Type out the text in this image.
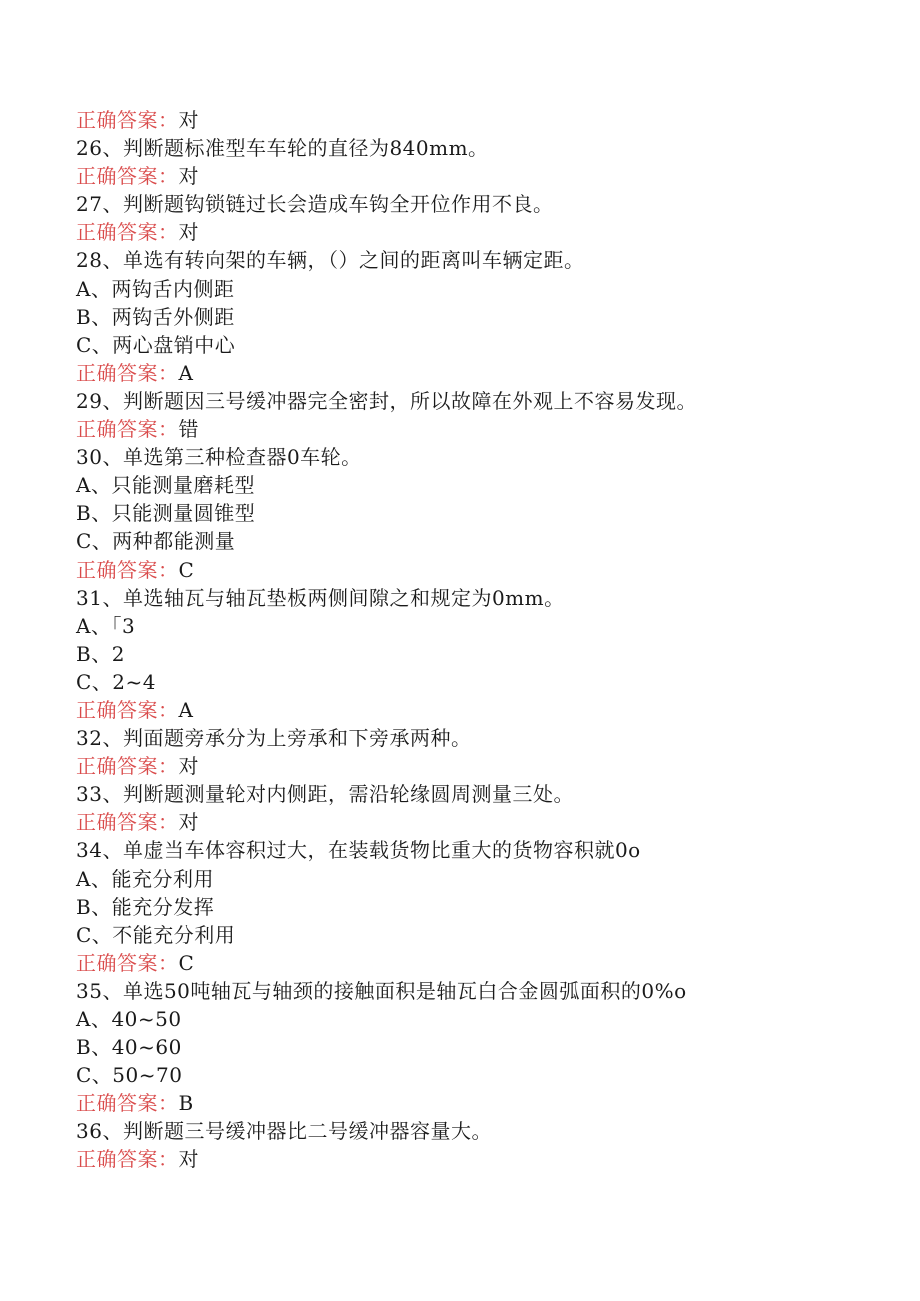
正确答案：对
26、判断题标准型车车轮的直径为840mm。
正确答案：对
27、判断题钩锁链过长会造成车钩全开位作用不良。
正确答案：对
28、单选有转向架的车辆，（）之间的距离叫车辆定距。
A、两钩舌内侧距
B、两钩舌外侧距
C、两心盘销中心
正确答案：A
29、判断题因三号缓冲器完全密封，所以故障在外观上不容易发现。
正确答案：错
30、单选第三种检查器0车轮。
A、只能测量磨耗型
B、只能测量圆锥型
C、两种都能测量
正确答案：C
31、单选轴瓦与轴瓦垫板两侧间隙之和规定为0mm。
A、「3
B、2
C、2~4
正确答案：A
32、判面题旁承分为上旁承和下旁承两种。
正确答案：对
33、判断题测量轮对内侧距，需沿轮缘圆周测量三处。
正确答案：对
34、单虚当车体容积过大，在装载货物比重大的货物容积就0o
A、能充分利用
B、能充分发挥
C、不能充分利用
正确答案：C
35、单选50吨轴瓦与轴颈的接触面积是轴瓦白合金圆弧面积的0%o
A、40~50
B、40~60
C、50~70
正确答案：B
36、判断题三号缓冲器比二号缓冲器容量大。
正确答案：对
